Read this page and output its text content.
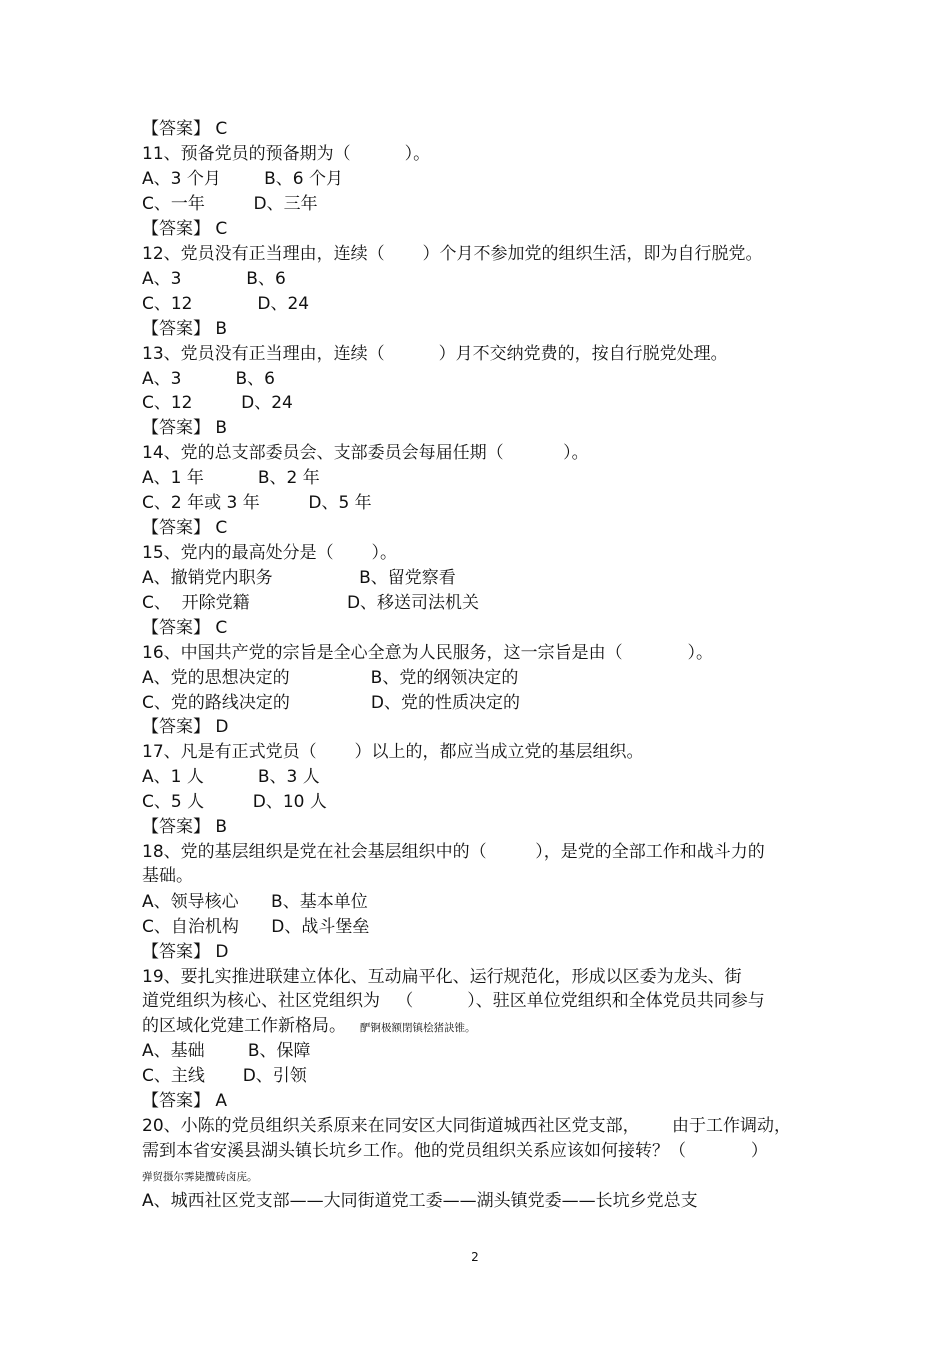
【答案】 C
11、预备党员的预备期为（          ）。
A、3 个月        B、6 个月
C、一年         D、三年
【答案】 C
12、党员没有正当理由，连续（       ）个月不参加党的组织生活，即为自行脱党。
A、3            B、6
C、12            D、24
【答案】 B
13、党员没有正当理由，连续（          ）月不交纳党费的，按自行脱党处理。
A、3          B、6
C、12         D、24
【答案】 B
14、党的总支部委员会、支部委员会每届任期（           ）。
A、1 年          B、2 年
C、2 年或 3 年         D、5 年
【答案】 C
15、党内的最高处分是（       ）。
A、撤销党内职务                B、留党察看
C、  开除党籍                  D、移送司法机关
【答案】 C
16、中国共产党的宗旨是全心全意为人民服务，这一宗旨是由（            ）。
A、党的思想决定的               B、党的纲领决定的
C、党的路线决定的               D、党的性质决定的
【答案】 D
17、凡是有正式党员（       ）以上的，都应当成立党的基层组织。
A、1 人          B、3 人
C、5 人         D、10 人
【答案】 B
18、党的基层组织是党在社会基层组织中的（         ），是党的全部工作和战斗力的
基础。
A、领导核心      B、基本单位
C、自治机构      D、战斗堡垒
【答案】 D
19、要扎实推进联建立体化、互动扁平化、运行规范化，形成以区委为龙头、街
道党组织为核心、社区党组织为   （          ）、驻区单位党组织和全体党员共同参与
的区域化党建工作新格局。 酽锕极额閉镇桧猪訣锥。
A、基础        B、保障
C、主线       D、引领
【答案】 A
20、小陈的党员组织关系原来在同安区大同街道城西社区党支部，      由于工作调动，
需到本省安溪县湖头镇长坑乡工作。他的党员组织关系应该如何接转？（            ）
弹贸摄尔霁毙攬砖卤庑。
A、城西社区党支部——大同街道党工委——湖头镇党委——长坑乡党总支
2
